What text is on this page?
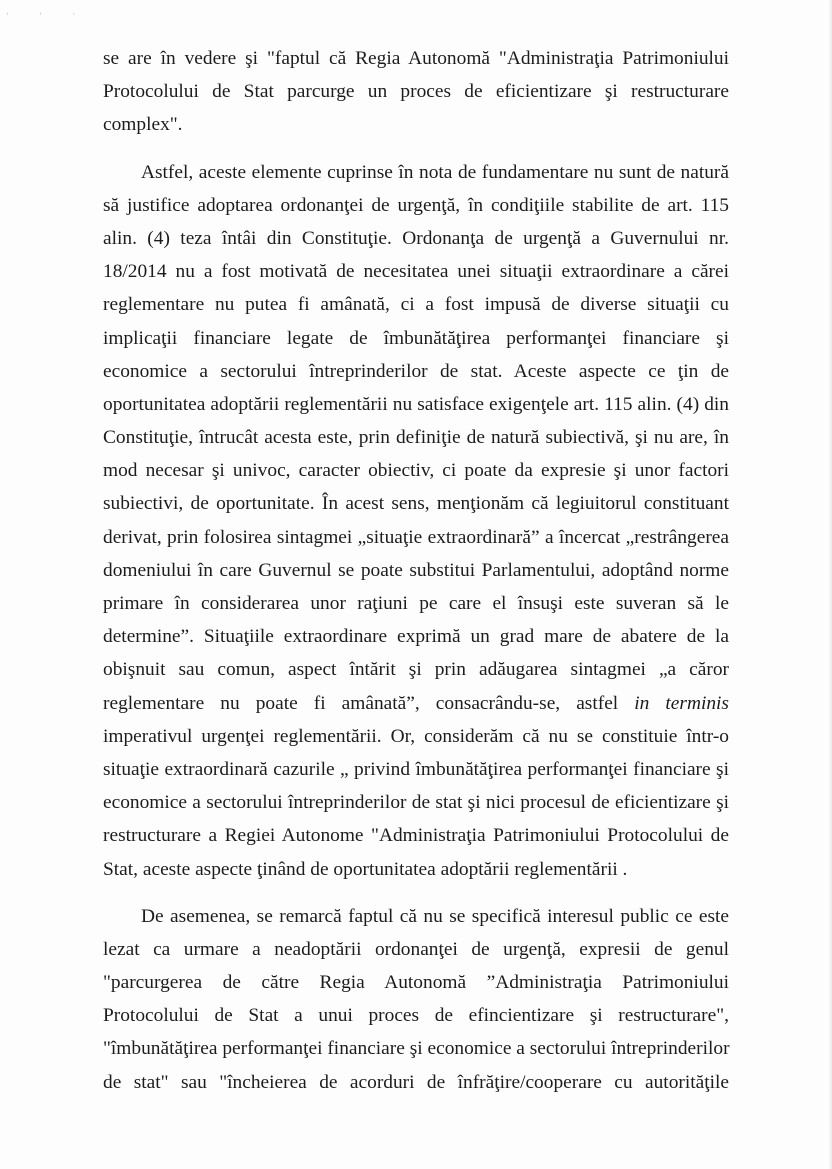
' ' '
se are în vedere şi "faptul că Regia Autonomă "Administraţia Patrimoniului
Protocolului de Stat parcurge un proces de eficientizare şi restructurare
complex".
Astfel, aceste elemente cuprinse în nota de fundamentare nu sunt de natură
să justifice adoptarea ordonanţei de urgenţă, în condiţiile stabilite de art. 115
alin. (4) teza întâi din Constituţie. Ordonanţa de urgenţă a Guvernului nr.
18/2014 nu a fost motivată de necesitatea unei situaţii extraordinare a cărei
reglementare nu putea fi amânată, ci a fost impusă de diverse situaţii cu
implicaţii financiare legate de îmbunătăţirea performanţei financiare şi
economice a sectorului întreprinderilor de stat. Aceste aspecte ce ţin de
oportunitatea adoptării reglementării nu satisface exigenţele art. 115 alin. (4) din
Constituţie, întrucât acesta este, prin definiţie de natură subiectivă, şi nu are, în
mod necesar şi univoc, caracter obiectiv, ci poate da expresie şi unor factori
subiectivi, de oportunitate. În acest sens, menţionăm că legiuitorul constituant
derivat, prin folosirea sintagmei „situaţie extraordinară” a încercat „restrângerea
domeniului în care Guvernul se poate substitui Parlamentului, adoptând norme
primare în considerarea unor raţiuni pe care el însuşi este suveran să le
determine”. Situaţiile extraordinare exprimă un grad mare de abatere de la
obişnuit sau comun, aspect întărit şi prin adăugarea sintagmei „a căror
reglementare nu poate fi amânată”, consacrându-se, astfel in terminis
imperativul urgenţei reglementării. Or, considerăm că nu se constituie într-o
situaţie extraordinară cazurile „ privind îmbunătăţirea performanţei financiare şi
economice a sectorului întreprinderilor de stat şi nici procesul de eficientizare şi
restructurare a Regiei Autonome "Administraţia Patrimoniului Protocolului de
Stat, aceste aspecte ţinând de oportunitatea adoptării reglementării .
De asemenea, se remarcă faptul că nu se specifică interesul public ce este
lezat ca urmare a neadoptării ordonanţei de urgenţă, expresii de genul
"parcurgerea de către Regia Autonomă ”Administraţia Patrimoniului
Protocolului de Stat a unui proces de efincientizare şi restructurare",
"îmbunătăţirea performanţei financiare şi economice a sectorului întreprinderilor
de stat" sau "încheierea de acorduri de înfrăţire/cooperare cu autorităţile
